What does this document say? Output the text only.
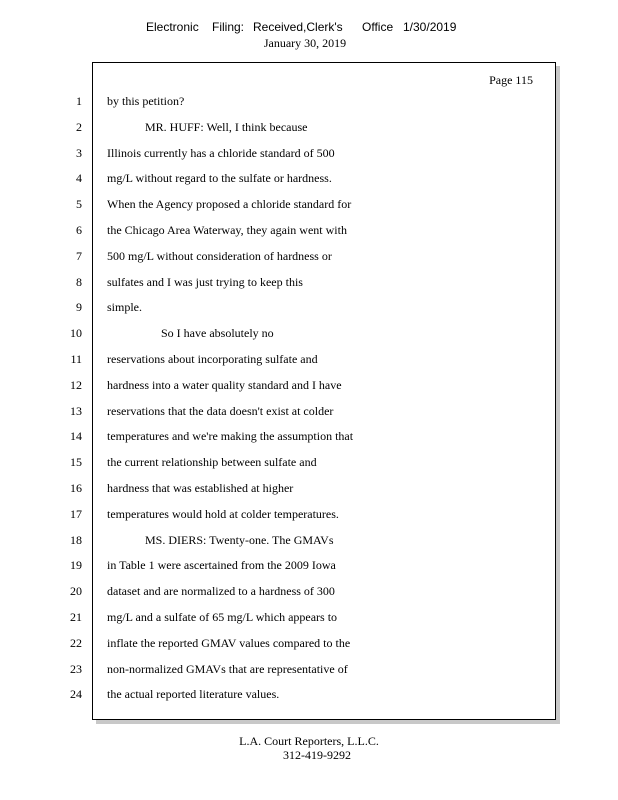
Electronic Filing: Received,Clerk's Office 1/30/2019
January 30, 2019
Page 115
1 by this petition?
2	MR. HUFF: Well, I think because
3 Illinois currently has a chloride standard of 500
4 mg/L without regard to the sulfate or hardness.
5 When the Agency proposed a chloride standard for
6 the Chicago Area Waterway, they again went with
7 500 mg/L without consideration of hardness or
8 sulfates and I was just trying to keep this
9 simple.
10	So I have absolutely no
11 reservations about incorporating sulfate and
12 hardness into a water quality standard and I have
13 reservations that the data doesn't exist at colder
14 temperatures and we're making the assumption that
15 the current relationship between sulfate and
16 hardness that was established at higher
17 temperatures would hold at colder temperatures.
18	MS. DIERS: Twenty-one. The GMAVs
19 in Table 1 were ascertained from the 2009 Iowa
20 dataset and are normalized to a hardness of 300
21 mg/L and a sulfate of 65 mg/L which appears to
22 inflate the reported GMAV values compared to the
23 non-normalized GMAVs that are representative of
24 the actual reported literature values.
L.A. Court Reporters, L.L.C.
312-419-9292
